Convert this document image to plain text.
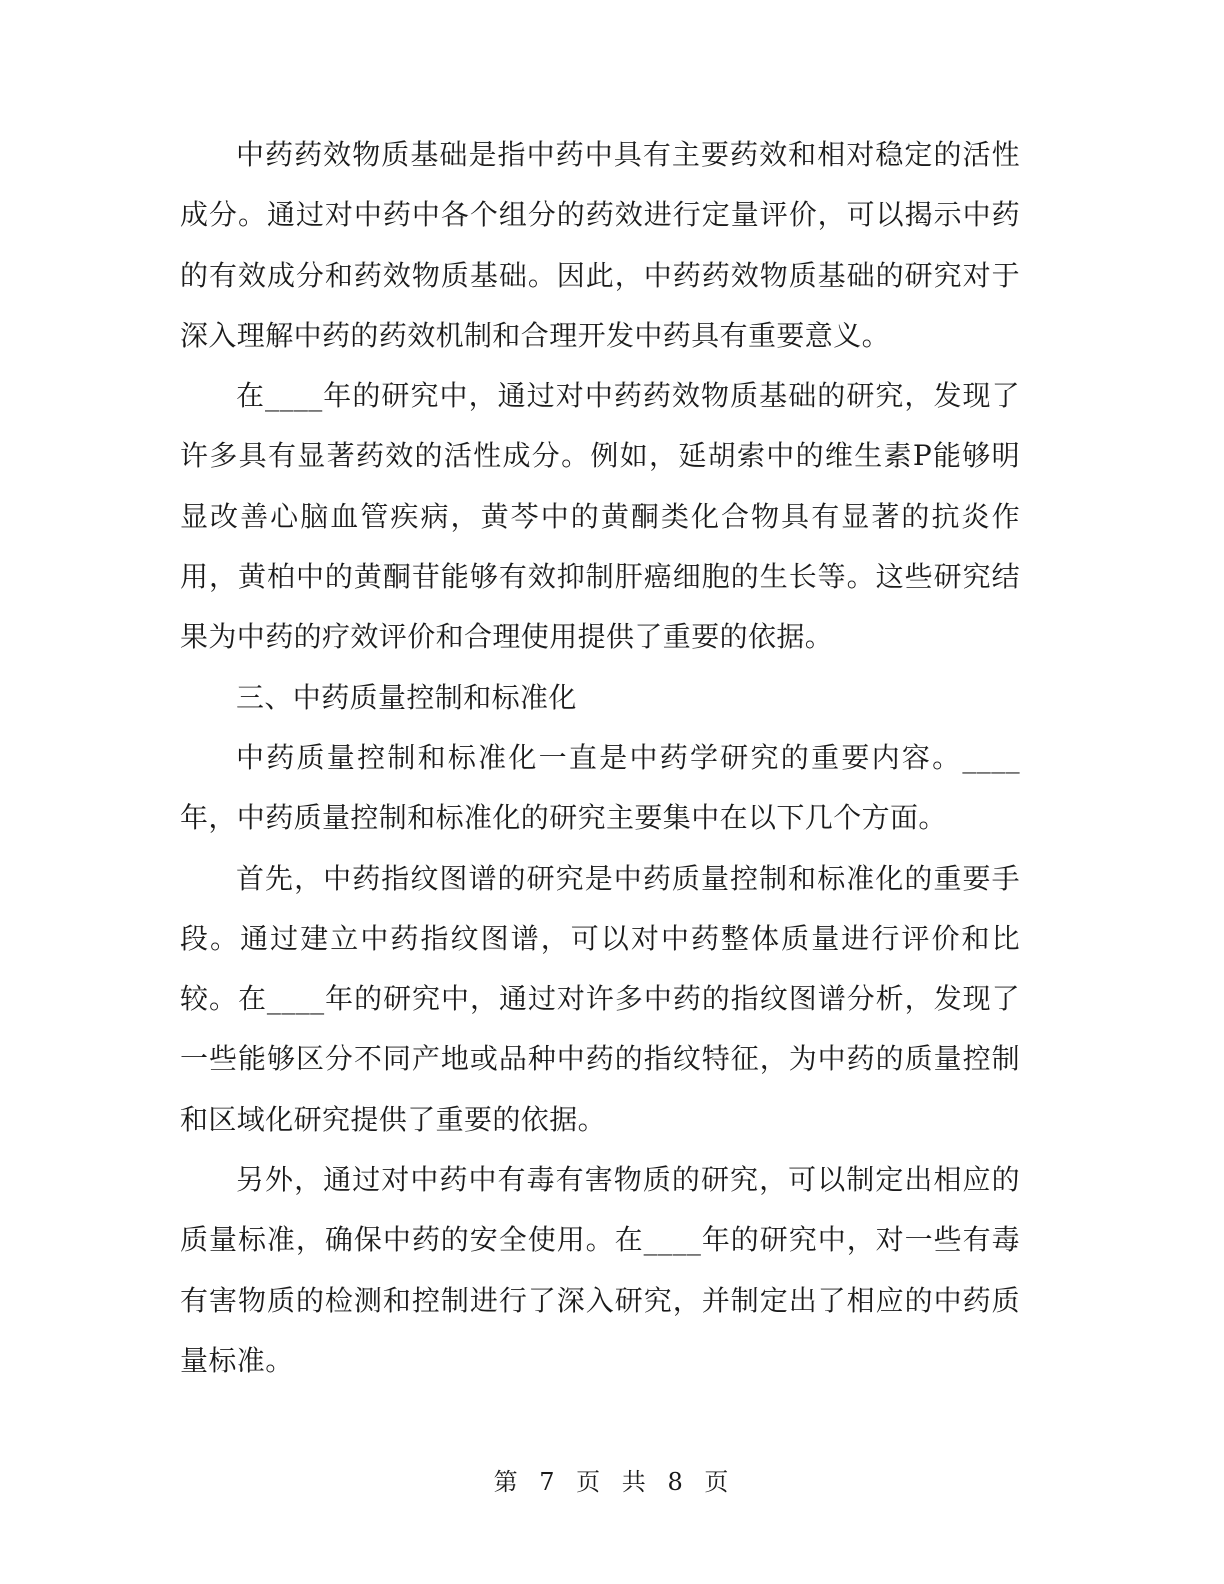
中药药效物质基础是指中药中具有主要药效和相对稳定的活性成分。通过对中药中各个组分的药效进行定量评价，可以揭示中药的有效成分和药效物质基础。因此，中药药效物质基础的研究对于深入理解中药的药效机制和合理开发中药具有重要意义。

在____年的研究中，通过对中药药效物质基础的研究，发现了许多具有显著药效的活性成分。例如，延胡索中的维生素P能够明显改善心脑血管疾病，黄芩中的黄酮类化合物具有显著的抗炎作用，黄柏中的黄酮苷能够有效抑制肝癌细胞的生长等。这些研究结果为中药的疗效评价和合理使用提供了重要的依据。

三、中药质量控制和标准化

中药质量控制和标准化一直是中药学研究的重要内容。____年，中药质量控制和标准化的研究主要集中在以下几个方面。

首先，中药指纹图谱的研究是中药质量控制和标准化的重要手段。通过建立中药指纹图谱，可以对中药整体质量进行评价和比较。在____年的研究中，通过对许多中药的指纹图谱分析，发现了一些能够区分不同产地或品种中药的指纹特征，为中药的质量控制和区域化研究提供了重要的依据。

另外，通过对中药中有毒有害物质的研究，可以制定出相应的质量标准，确保中药的安全使用。在____年的研究中，对一些有毒有害物质的检测和控制进行了深入研究，并制定出了相应的中药质量标准。

第 7 页 共 8 页
